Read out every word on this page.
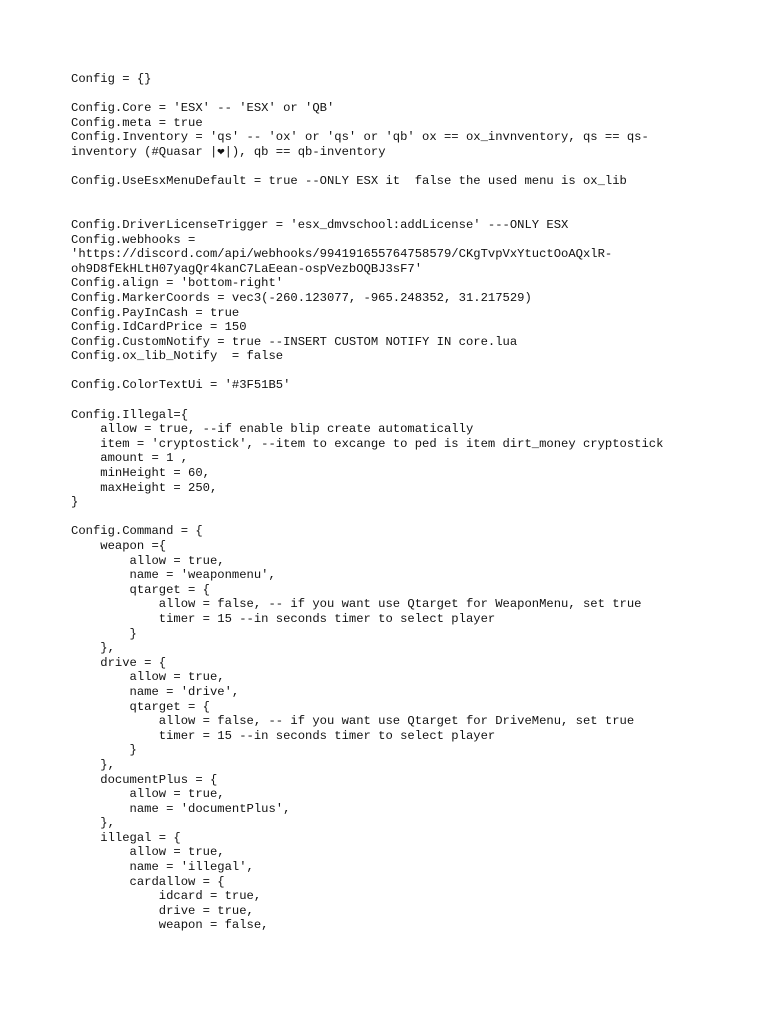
Config = {}
Config.Core = 'ESX' -- 'ESX' or 'QB'
Config.meta = true
Config.Inventory = 'qs' -- 'ox' or 'qs' or 'qb' ox == ox_invnventory, qs == qs-
inventory (#Quasar |❤|), qb == qb-inventory
Config.UseEsxMenuDefault = true --ONLY ESX it  false the used menu is ox_lib
Config.DriverLicenseTrigger = 'esx_dmvschool:addLicense' ---ONLY ESX
Config.webhooks =
'https://discord.com/api/webhooks/994191655764758579/CKgTvpVxYtuctOoAQxlR-
oh9D8fEkHLtH07yagQr4kanC7LaEean-ospVezbOQBJ3sF7'
Config.align = 'bottom-right'
Config.MarkerCoords = vec3(-260.123077, -965.248352, 31.217529)
Config.PayInCash = true
Config.IdCardPrice = 150
Config.CustomNotify = true --INSERT CUSTOM NOTIFY IN core.lua
Config.ox_lib_Notify  = false
Config.ColorTextUi = '#3F51B5'
Config.Illegal={
allow = true, --if enable blip create automatically
item = 'cryptostick', --item to excange to ped is item dirt_money cryptostick
amount = 1 ,
minHeight = 60,
maxHeight = 250,
}
Config.Command = {
weapon ={
allow = true,
name = 'weaponmenu',
qtarget = {
allow = false, -- if you want use Qtarget for WeaponMenu, set true
timer = 15 --in seconds timer to select player
}
},
drive = {
allow = true,
name = 'drive',
qtarget = {
allow = false, -- if you want use Qtarget for DriveMenu, set true
timer = 15 --in seconds timer to select player
}
},
documentPlus = {
allow = true,
name = 'documentPlus',
},
illegal = {
allow = true,
name = 'illegal',
cardallow = {
idcard = true,
drive = true,
weapon = false,
